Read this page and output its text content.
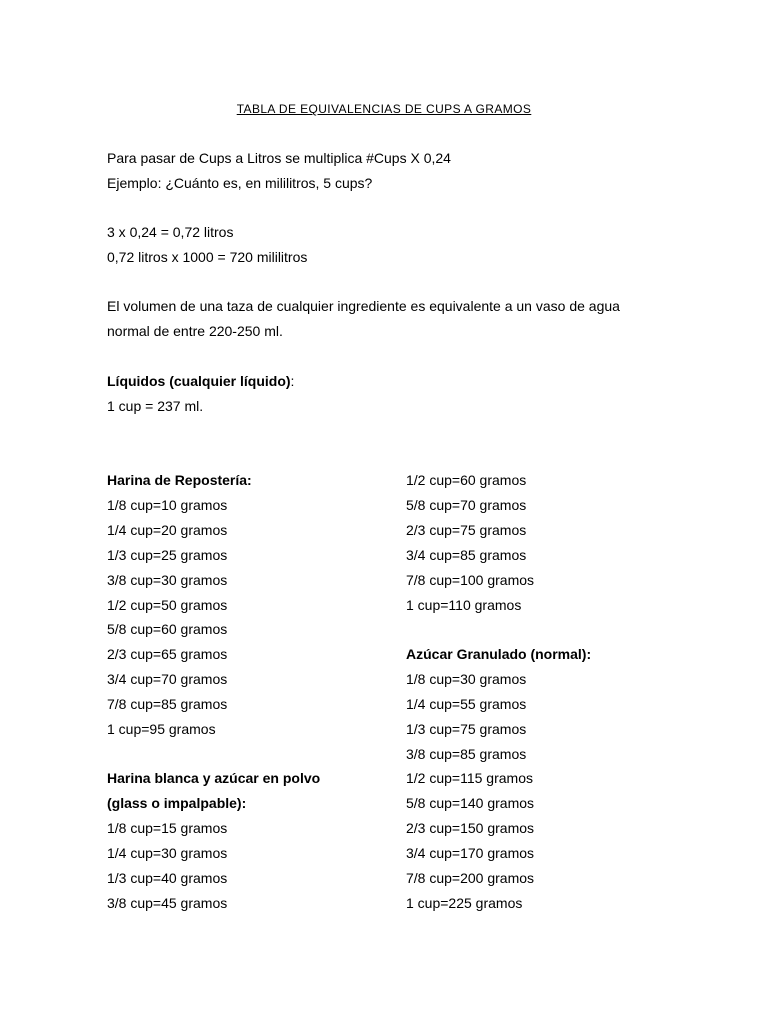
TABLA DE EQUIVALENCIAS DE CUPS A GRAMOS
Para pasar de Cups a Litros se multiplica #Cups X 0,24
Ejemplo: ¿Cuánto es, en mililitros, 5 cups?
3 x 0,24 = 0,72 litros
0,72 litros x 1000 = 720 mililitros
El volumen de una taza de cualquier ingrediente es equivalente a un vaso de agua
normal de entre 220-250 ml.
Líquidos (cualquier líquido):
1 cup = 237 ml.
Harina de Repostería:
1/8 cup=10 gramos
1/4 cup=20 gramos
1/3 cup=25 gramos
3/8 cup=30 gramos
1/2 cup=50 gramos
5/8 cup=60 gramos
2/3 cup=65 gramos
3/4 cup=70 gramos
7/8 cup=85 gramos
1 cup=95 gramos
Harina blanca y azúcar en polvo
(glass o impalpable):
1/8 cup=15 gramos
1/4 cup=30 gramos
1/3 cup=40 gramos
3/8 cup=45 gramos
1/2 cup=60 gramos
5/8 cup=70 gramos
2/3 cup=75 gramos
3/4 cup=85 gramos
7/8 cup=100 gramos
1 cup=110 gramos
Azúcar Granulado (normal):
1/8 cup=30 gramos
1/4 cup=55 gramos
1/3 cup=75 gramos
3/8 cup=85 gramos
1/2 cup=115 gramos
5/8 cup=140 gramos
2/3 cup=150 gramos
3/4 cup=170 gramos
7/8 cup=200 gramos
1 cup=225 gramos
